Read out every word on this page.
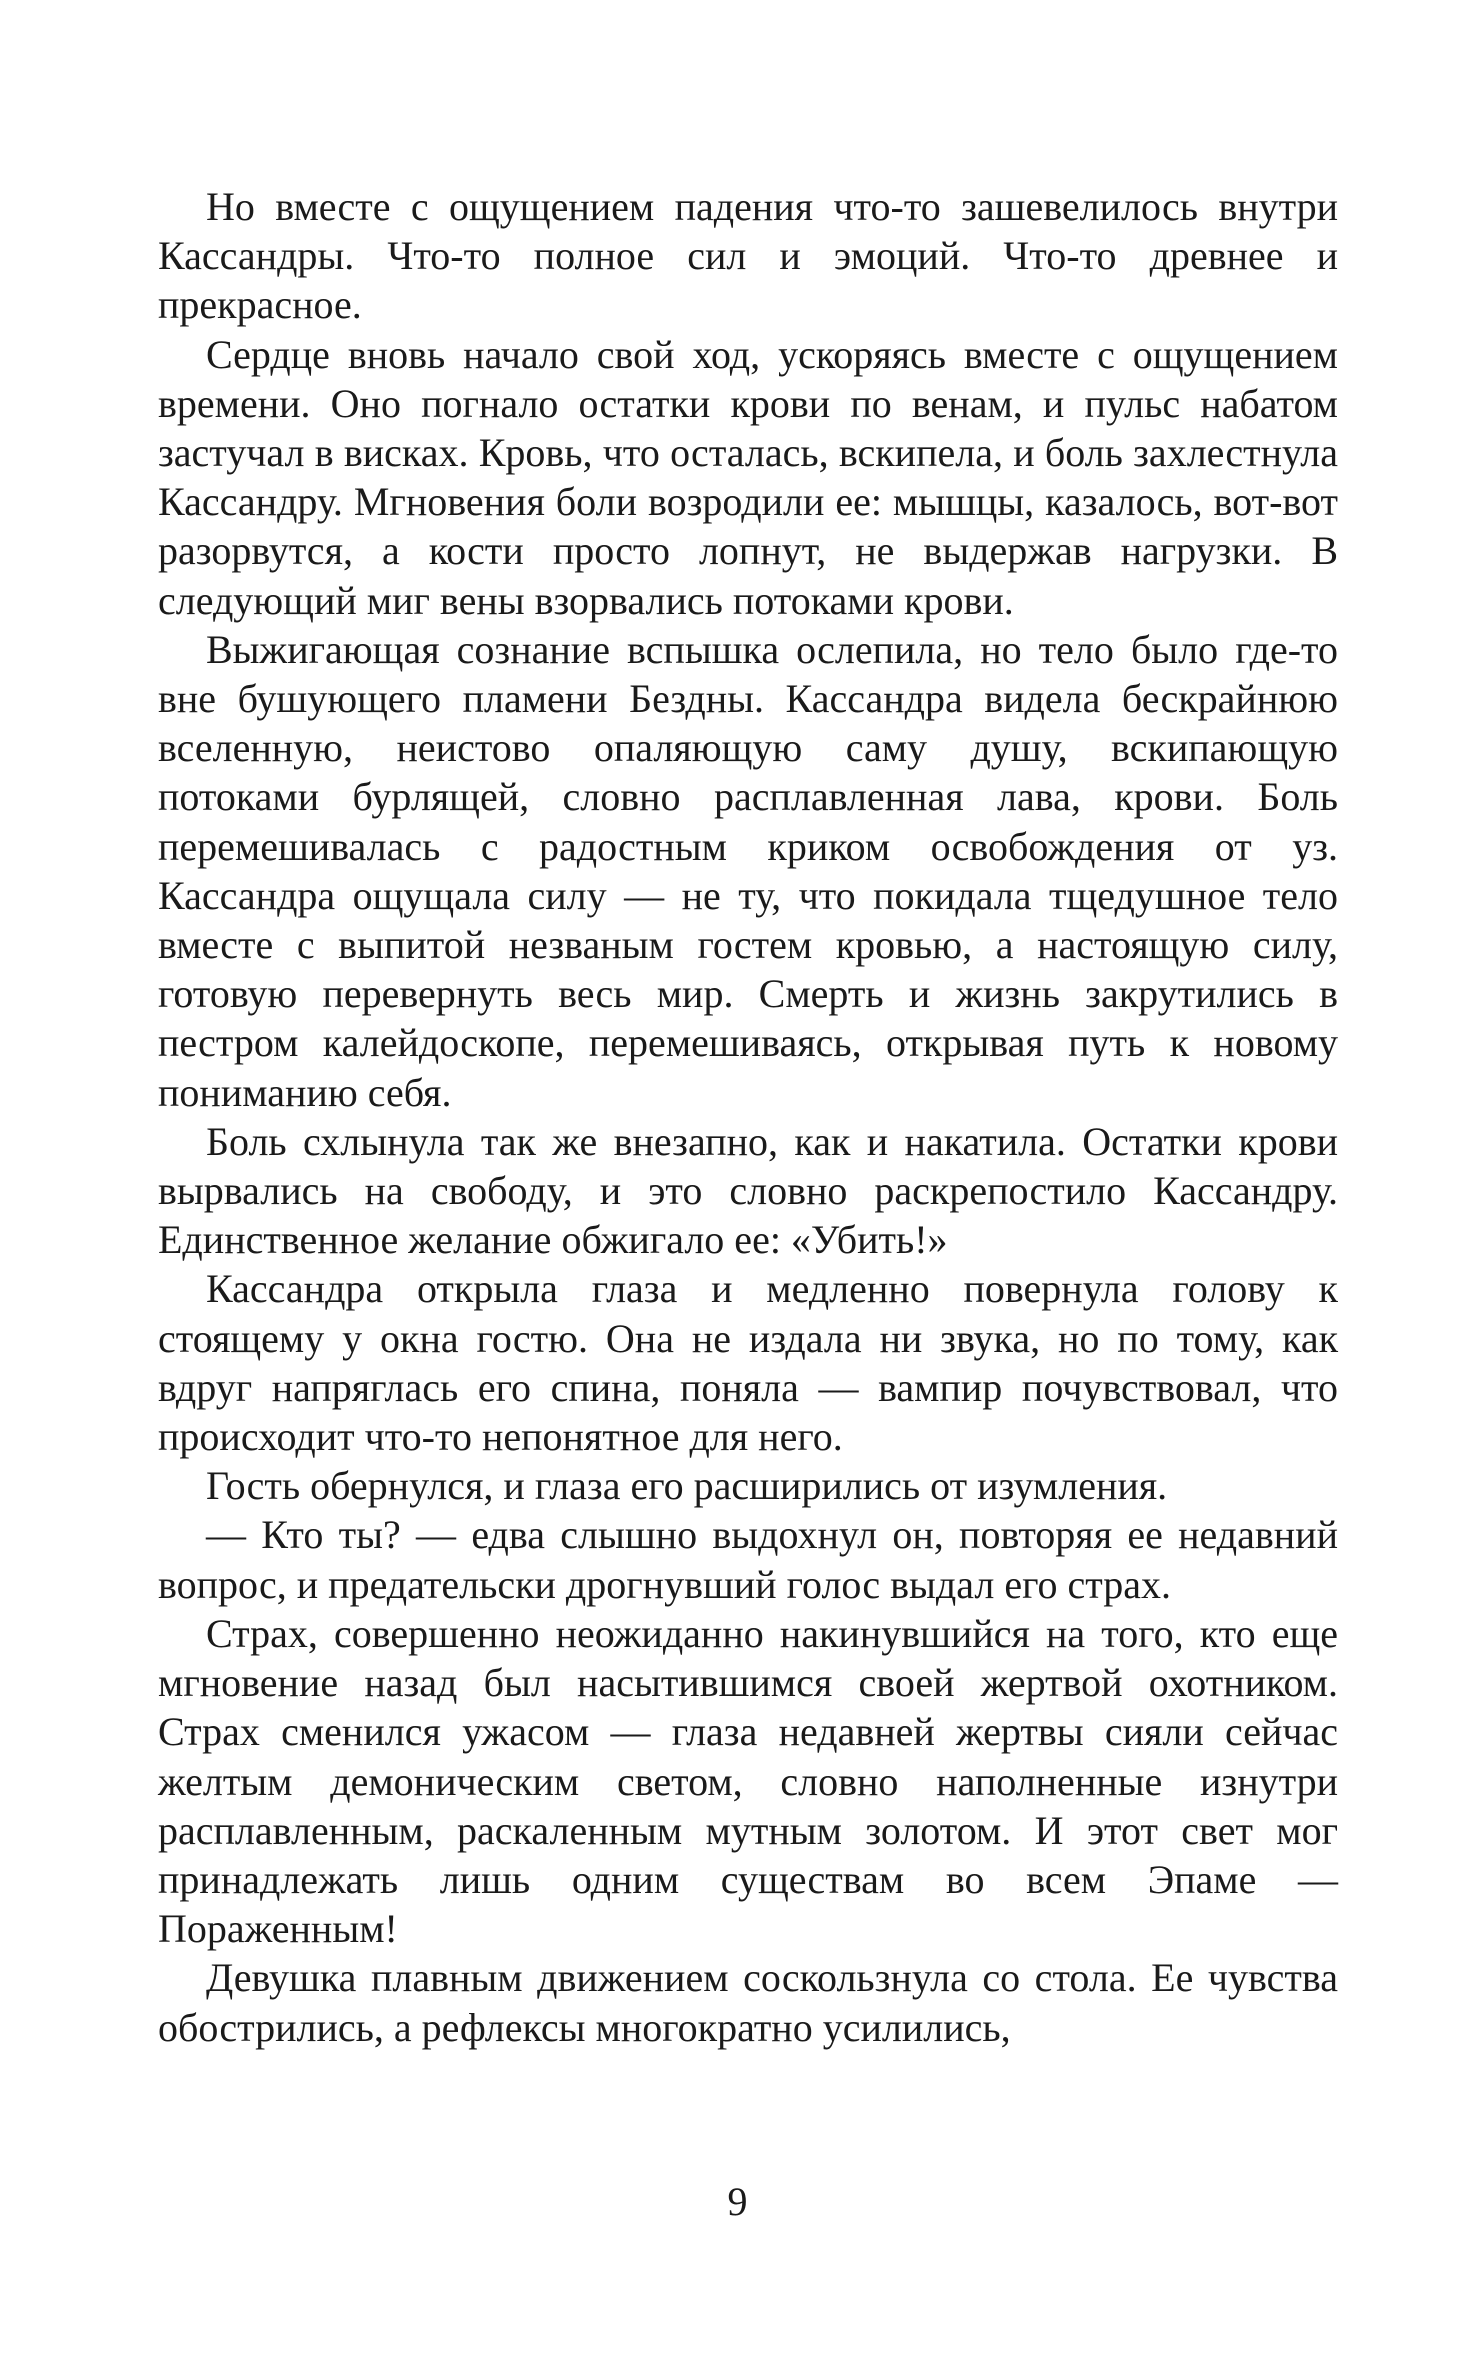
Но вместе с ощущением падения что-то зашевелилось внутри Кассандры. Что-то полное сил и эмоций. Что-то древнее и прекрасное.

Сердце вновь начало свой ход, ускоряясь вместе с ощущением времени. Оно погнало остатки крови по венам, и пульс набатом застучал в висках. Кровь, что осталась, вскипела, и боль захлестнула Кассандру. Мгновения боли возродили ее: мышцы, казалось, вот-вот разорвутся, а кости просто лопнут, не выдержав нагрузки. В следующий миг вены взорвались потоками крови.

Выжигающая сознание вспышка ослепила, но тело было где-то вне бушующего пламени Бездны. Кассандра видела бескрайнюю вселенную, неистово опаляющую саму душу, вскипающую потоками бурлящей, словно расплавленная лава, крови. Боль перемешивалась с радостным криком освобождения от уз. Кассандра ощущала силу — не ту, что покидала тщедушное тело вместе с выпитой незваным гостем кровью, а настоящую силу, готовую перевернуть весь мир. Смерть и жизнь закрутились в пестром калейдоскопе, перемешиваясь, открывая путь к новому пониманию себя.

Боль схлынула так же внезапно, как и накатила. Остатки крови вырвались на свободу, и это словно раскрепостило Кассандру. Единственное желание обжигало ее: «Убить!»

Кассандра открыла глаза и медленно повернула голову к стоящему у окна гостю. Она не издала ни звука, но по тому, как вдруг напряглась его спина, поняла — вампир почувствовал, что происходит что-то непонятное для него.

Гость обернулся, и глаза его расширились от изумления.

— Кто ты? — едва слышно выдохнул он, повторяя ее недавний вопрос, и предательски дрогнувший голос выдал его страх.

Страх, совершенно неожиданно накинувшийся на того, кто еще мгновение назад был насытившимся своей жертвой охотником. Страх сменился ужасом — глаза недавней жертвы сияли сейчас желтым демоническим светом, словно наполненные изнутри расплавленным, раскаленным мутным золотом. И этот свет мог принадлежать лишь одним существам во всем Эпаме — Пораженным!

Девушка плавным движением соскользнула со стола. Ее чувства обострились, а рефлексы многократно усилились,

9
